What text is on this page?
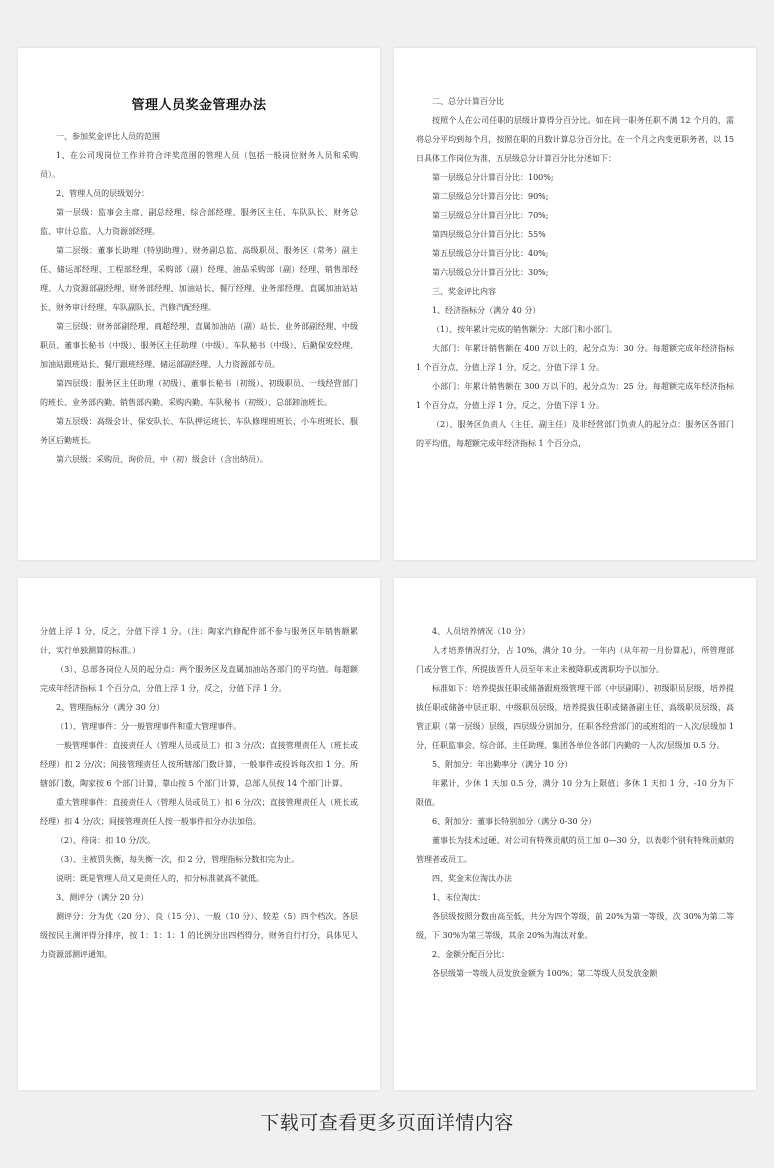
管理人员奖金管理办法

一、参加奖金评比人员的范围

1、在公司现岗位工作并符合评奖范围的管理人员（包括一般岗位财务人员和采购员）。

2、管理人员的层级划分：

第一层级：监事会主席、副总经理、综合部经理、服务区主任、车队队长、财务总监、审计总监、人力资源部经理。

第二层级：董事长助理（特别助理）、财务副总监、高级职员、服务区（常务）副主任、储运部经理、工程部经理、采购部（副）经理、油品采购部（副）经理、销售部经理、人力资源部副经理、财务部经理、加油站长、餐厅经理、业务部经理、直属加油站站长、财务审计经理、车队副队长、汽修汽配经理。

第三层级：财务部副经理、商超经理、直属加油站（副）站长、业务部副经理、中级职员、董事长秘书（中级）、服务区主任助理（中级）、车队秘书（中级）、后勤保安经理、加油站跟班站长、餐厅跟班经理、储运部副经理、人力资源部专员。

第四层级：服务区主任助理（初级）、董事长秘书（初级）、初级职员、一线经营部门的班长、业务部内勤、销售部内勤、采购内勤、车队秘书（初级）、总部卸油班长。

第五层级：高级会计、保安队长、车队押运班长、车队修理班班长、小车班班长、服务区后勤班长。

第六层级：采购员、询价员、中（初）级会计（含出纳员）。

二、总分计算百分比

按照个人在公司任职的层级计算得分百分比。如在同一职务任职不满 12 个月的，需将总分平均到每个月，按照在职的月数计算总分百分比，在一个月之内变更职务者，以 15 日具体工作岗位为准，五层级总分计算百分比分述如下：

第一层级总分计算百分比：100%;

第二层级总分计算百分比：90%;

第三层级总分计算百分比：70%;

第四层级总分计算百分比：55%

第五层级总分计算百分比：40%;

第六层级总分计算百分比：30%;

三、奖金评比内容

1、经济指标分（满分 40 分）

（1）、按年累计完成的销售额分：大部门和小部门。

大部门：年累计销售额在 400 万以上的，起分点为：30 分。每超额完成年经济指标 1 个百分点，分值上浮 1 分，反之，分值下浮 1 分。

小部门：年累计销售额在 300 万以下的，起分点为：25 分。每超额完成年经济指标 1 个百分点，分值上浮 1 分，反之，分值下浮 1 分。

（2）、服务区负责人（主任、副主任）及非经营部门负责人的起分点：服务区各部门的平均值，每超额完成年经济指标 1 个百分点，

分值上浮 1 分，反之，分值下浮 1 分。（注：陶家汽修配件部不参与服务区年销售额累计，实行单独测算的标准。）

（3）、总部各岗位人员的起分点：两个服务区及直属加油站各部门的平均值。每超额完成年经济指标 1 个百分点，分值上浮 1 分，反之，分值下浮 1 分。

2、管理指标分（满分 30 分）

（1）、管理事件：分一般管理事件和重大管理事件。

一般管理事件：直接责任人（管理人员或员工）扣 3 分/次；直接管理责任人（班长或经理）扣 2 分/次；间接管理责任人按所辖部门数计算，一般事件或投诉每次扣 1 分。所辖部门数，陶家按 6 个部门计算，靠山按 5 个部门计算，总部人员按 14 个部门计算。

重大管理事件：直接责任人（管理人员或员工）扣 6 分/次；直接管理责任人（班长或经理）扣 4 分/次；间接管理责任人按一般事件扣分办法加倍。

（2）、待岗：扣 10 分/次。

（3）、主被罚失衡，每失衡一次，扣 2 分，管理指标分数扣完为止。

说明：既是管理人员又是责任人的，扣分标准就高不就低。

3、测评分（满分 20 分）

测评分：分为优（20 分）、良（15 分）、一般（10 分）、较差（5）四个档次。各层级按民主测评得分排序，按 1：1：1：1 的比例分出四档得分，财务自行打分，具体见人力资源部测评通知。

4、人员培养情况（10 分）

人才培养情况打分，占 10%，满分 10 分。一年内（从年初一月份算起），所管理部门或分管工作，所提拔晋升人员至年末止未被降职或离职均予以加分。

标准如下：培养提拔任职或储备跟班级管理干部（中层副职）、初级职员层级，培养提拔任职或储备中层正职、中级职员层级，培养提拔任职或储备副主任、高级职员层级，高管正职（第一层级）层级，四层级分别加分，任职各经营部门的或班组的一人次/层级加 1 分，任职监事会、综合部、主任助理、集团各单位各部门内勤的一人次/层级加 0.5 分。

5、附加分：年出勤率分（满分 10 分）

年累计，少休 1 天加 0.5 分，满分 10 分为上限值；多休 1 天扣 1 分，-10 分为下限值。

6、附加分：董事长特别加分（满分 0-30 分）

董事长为技术过硬、对公司有特殊贡献的员工加 0—30 分，以表彰个别有特殊贡献的管理者或员工。

四、奖金末位淘汰办法

1、末位淘汰：

各层级按照分数由高至低，共分为四个等级，前 20%为第一等级，次 30%为第二等级，下 30%为第三等级，其余 20%为淘汰对象。

2、金额分配百分比：

各层级第一等级人员发放金额为 100%；第二等级人员发放金额

下载可查看更多页面详情内容
